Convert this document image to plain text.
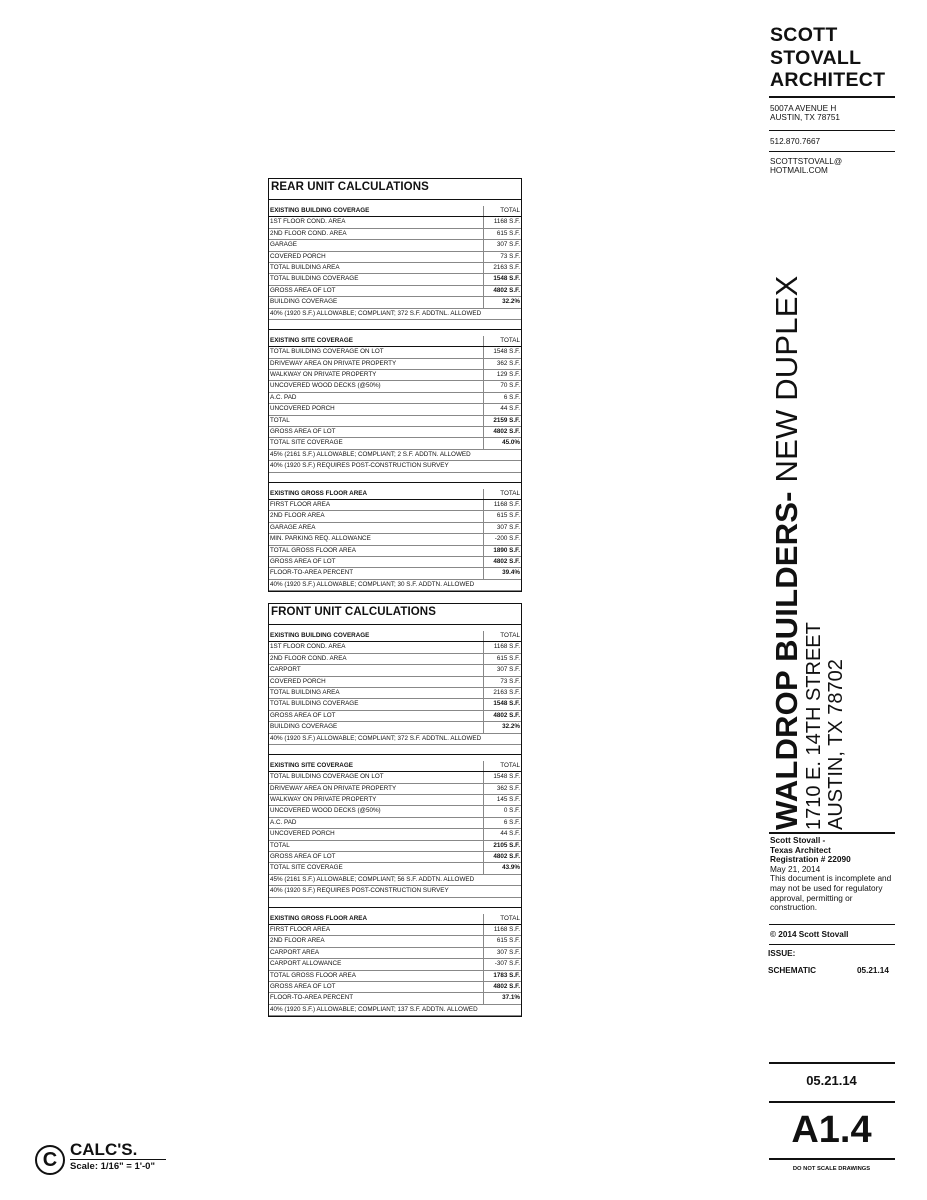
REAR UNIT CALCULATIONS
EXISTING BUILDING COVERAGE	TOTAL
1ST FLOOR COND. AREA	1168 S.F.
2ND FLOOR COND. AREA	615 S.F.
GARAGE	307 S.F.
COVERED PORCH	73 S.F.
TOTAL BUILDING AREA	2163 S.F.
TOTAL BUILDING COVERAGE	1548 S.F.
GROSS AREA OF LOT	4802 S.F.
BUILDING COVERAGE	32.2%
40% (1920 S.F.) ALLOWABLE; COMPLIANT; 372 S.F. ADDTNL. ALLOWED
EXISTING SITE COVERAGE	TOTAL
TOTAL BUILDING COVERAGE ON LOT	1548 S.F.
DRIVEWAY AREA ON PRIVATE PROPERTY	362 S.F.
WALKWAY ON PRIVATE PROPERTY	129 S.F.
UNCOVERED WOOD DECKS (@50%)	70 S.F.
A.C. PAD	6 S.F.
UNCOVERED PORCH	44 S.F.
TOTAL	2159 S.F.
GROSS AREA OF LOT	4802 S.F.
TOTAL SITE COVERAGE	45.0%
45% (2161 S.F.) ALLOWABLE; COMPLIANT; 2 S.F. ADDTN. ALLOWED
40% (1920 S.F.) REQUIRES POST-CONSTRUCTION SURVEY
EXISTING GROSS FLOOR AREA	TOTAL
FIRST FLOOR AREA	1168 S.F.
2ND FLOOR AREA	615 S.F.
GARAGE AREA	307 S.F.
MIN. PARKING REQ. ALLOWANCE	-200 S.F.
TOTAL GROSS FLOOR AREA	1890 S.F.
GROSS AREA OF LOT	4802 S.F.
FLOOR-TO-AREA PERCENT	39.4%
40% (1920 S.F.) ALLOWABLE; COMPLIANT; 30 S.F. ADDTN. ALLOWED
FRONT UNIT CALCULATIONS
EXISTING BUILDING COVERAGE	TOTAL
1ST FLOOR COND. AREA	1168 S.F.
2ND FLOOR COND. AREA	615 S.F.
CARPORT	307 S.F.
COVERED PORCH	73 S.F.
TOTAL BUILDING AREA	2163 S.F.
TOTAL BUILDING COVERAGE	1548 S.F.
GROSS AREA OF LOT	4802 S.F.
BUILDING COVERAGE	32.2%
40% (1920 S.F.) ALLOWABLE; COMPLIANT; 372 S.F. ADDTNL. ALLOWED
EXISTING SITE COVERAGE	TOTAL
TOTAL BUILDING COVERAGE ON LOT	1548 S.F.
DRIVEWAY AREA ON PRIVATE PROPERTY	362 S.F.
WALKWAY ON PRIVATE PROPERTY	145 S.F.
UNCOVERED WOOD DECKS (@50%)	0 S.F.
A.C. PAD	6 S.F.
UNCOVERED PORCH	44 S.F.
TOTAL	2105 S.F.
GROSS AREA OF LOT	4802 S.F.
TOTAL SITE COVERAGE	43.9%
45% (2161 S.F.) ALLOWABLE; COMPLIANT; 56 S.F. ADDTN. ALLOWED
40% (1920 S.F.) REQUIRES POST-CONSTRUCTION SURVEY
EXISTING GROSS FLOOR AREA	TOTAL
FIRST FLOOR AREA	1168 S.F.
2ND FLOOR AREA	615 S.F.
CARPORT AREA	307 S.F.
CARPORT ALLOWANCE	-307 S.F.
TOTAL GROSS FLOOR AREA	1783 S.F.
GROSS AREA OF LOT	4802 S.F.
FLOOR-TO-AREA PERCENT	37.1%
40% (1920 S.F.) ALLOWABLE; COMPLIANT; 137 S.F. ADDTN. ALLOWED
SCOTT
STOVALL
ARCHITECT
5007A AVENUE H
AUSTIN, TX 78751
512.870.7667
SCOTTSTOVALL@
HOTMAIL.COM
WALDROP BUILDERS- NEW DUPLEX
1710 E. 14TH STREET AUSTIN, TX 78702
Scott Stovall -
Texas Architect
Registration # 22090
May 21, 2014
This document is incomplete and may not be used for regulatory approval, permitting or construction.
© 2014 Scott Stovall
ISSUE:
SCHEMATIC	05.21.14
05.21.14
A1.4
DO NOT SCALE DRAWINGS
C CALC'S.
Scale: 1/16" = 1'-0"
